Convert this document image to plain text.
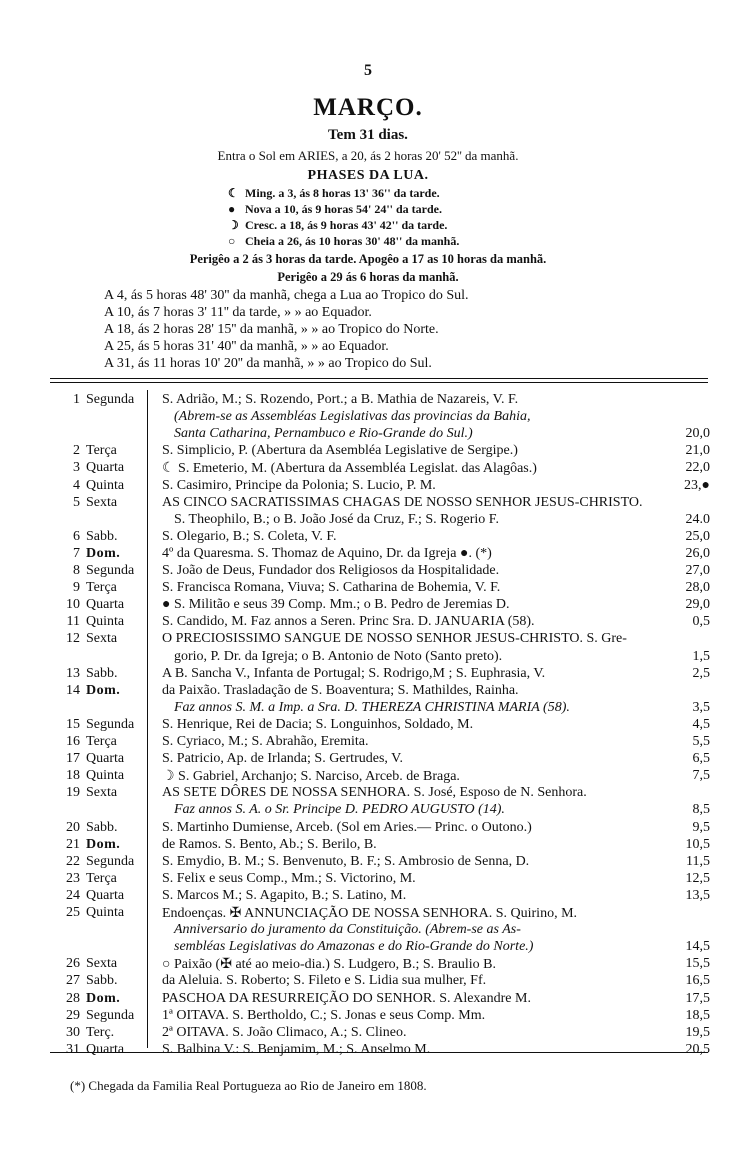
5
MARÇO.
Tem 31 dias.
Entra o Sol em ARIES, a 20, ás 2 horas 20' 52'' da manhã.
PHASES DA LUA.
☾ Ming. a 3, ás 8 horas 13' 36'' da tarde.
● Nova a 10, ás 9 horas 54' 24'' da tarde.
☽ Cresc. a 18, ás 9 horas 43' 42'' da tarde.
○ Cheia a 26, ás 10 horas 30' 48'' da manhã.
Perigêo a 2 ás 3 horas da tarde. Apogêo a 17 as 10 horas da manhã.
Perigêo a 29 ás 6 horas da manhã.
A 4, ás 5 horas 48' 30'' da manhã, chega a Lua ao Tropico do Sul.
A 10, ás 7 horas 3' 11'' da tarde, » » ao Equador.
A 18, ás 2 horas 28' 15'' da manhã, » » ao Tropico do Norte.
A 25, ás 5 horas 31' 40'' da manhã, » » ao Equador.
A 31, ás 11 horas 10' 20'' da manhã, » » ao Tropico do Sul.
1 Segunda S. Adrião, M.; S. Rozendo, Port.; a B. Mathia de Nazareis, V. F.
(Abrem-se as Assembléas Legislativas das provincias da Bahia,
Santa Catharina, Pernambuco e Rio-Grande do Sul.)	20,0
2 Terça	S. Simplicio, P. (Abertura da Asembléa Legislative de Sergipe.)	21,0
3 Quarta	☾ S. Emeterio, M. (Abertura da Assembléa Legislat. das Alagôas.)	22,0
4 Quinta	S. Casimiro, Principe da Polonia; S. Lucio, P. M.	23,●
5 Sexta	AS CINCO SACRATISSIMAS CHAGAS DE NOSSO SENHOR JESUS-CHRISTO.
S. Theophilo, B.; o B. João José da Cruz, F.; S. Rogerio F.	24.0
6 Sabb.	S. Olegario, B.; S. Coleta, V. F.	25,0
7 Dom.	4º da Quaresma. S. Thomaz de Aquino, Dr. da Igreja ●. (*)	26,0
8 Segunda S. João de Deus, Fundador dos Religiosos da Hospitalidade.	27,0
9 Terça	S. Francisca Romana, Viuva; S. Catharina de Bohemia, V. F.	28,0
10 Quarta	● S. Militão e seus 39 Comp. Mm.; o B. Pedro de Jeremias D.	29,0
11 Quinta	S. Candido, M. Faz annos a Seren. Princ Sra. D. JANUARIA (58).	0,5
12 Sexta	O PRECIOSISSIMO SANGUE DE NOSSO SENHOR JESUS-CHRISTO. S. Gre-
gorio, P. Dr. da Igreja; o B. Antonio de Noto (Santo preto).	1,5
13 Sabb.	A B. Sancha V., Infanta de Portugal; S. Rodrigo,M ; S. Euphrasia, V.	2,5
14 Dom.	da Paixão. Trasladação de S. Boaventura; S. Mathildes, Rainha.
Faz annos S. M. a Imp. a Sra. D. THEREZA CHRISTINA MARIA (58).	3,5
15 Segunda S. Henrique, Rei de Dacia; S. Longuinhos, Soldado, M.	4,5
16 Terça	S. Cyriaco, M.; S. Abrahão, Eremita.	5,5
17 Quarta	S. Patricio, Ap. de Irlanda; S. Gertrudes, V.	6,5
18 Quinta	☽ S. Gabriel, Archanjo; S. Narciso, Arceb. de Braga.	7,5
19 Sexta	AS SETE DÔRES DE NOSSA SENHORA. S. José, Esposo de N. Senhora.
Faz annos S. A. o Sr. Principe D. PEDRO AUGUSTO (14).	8,5
20 Sabb.	S. Martinho Dumiense, Arceb. (Sol em Aries.— Princ. o Outono.)	9,5
21 Dom.	de Ramos. S. Bento, Ab.; S. Berilo, B.	10,5
22 Segunda S. Emydio, B. M.; S. Benvenuto, B. F.; S. Ambrosio de Senna, D.	11,5
23 Terça	S. Felix e seus Comp., Mm.; S. Victorino, M.	12,5
24 Quarta	S. Marcos M.; S. Agapito, B.; S. Latino, M.	13,5
25 Quinta	Endoenças. ✠ ANNUNCIAÇÃO DE NOSSA SENHORA. S. Quirino, M.
Anniversario do juramento da Constituição. (Abrem-se as As-
sembléas Legislativas do Amazonas e do Rio-Grande do Norte.)	14,5
26 Sexta	○ Paixão (✠ até ao meio-dia.) S. Ludgero, B.; S. Braulio B.	15,5
27 Sabb.	da Aleluia. S. Roberto; S. Fileto e S. Lidia sua mulher, Ff.	16,5
28 Dom.	PASCHOA DA RESURREIÇÃO DO SENHOR. S. Alexandre M.	17,5
29 Segunda 1ª OITAVA. S. Bertholdo, C.; S. Jonas e seus Comp. Mm.	18,5
30 Terç.	2ª OITAVA. S. João Climaco, A.; S. Clineo.	19,5
31 Quarta	S. Balbina V.: S. Benjamim, M.; S. Anselmo M.	20,5
(*) Chegada da Familia Real Portugueza ao Rio de Janeiro em 1808.
